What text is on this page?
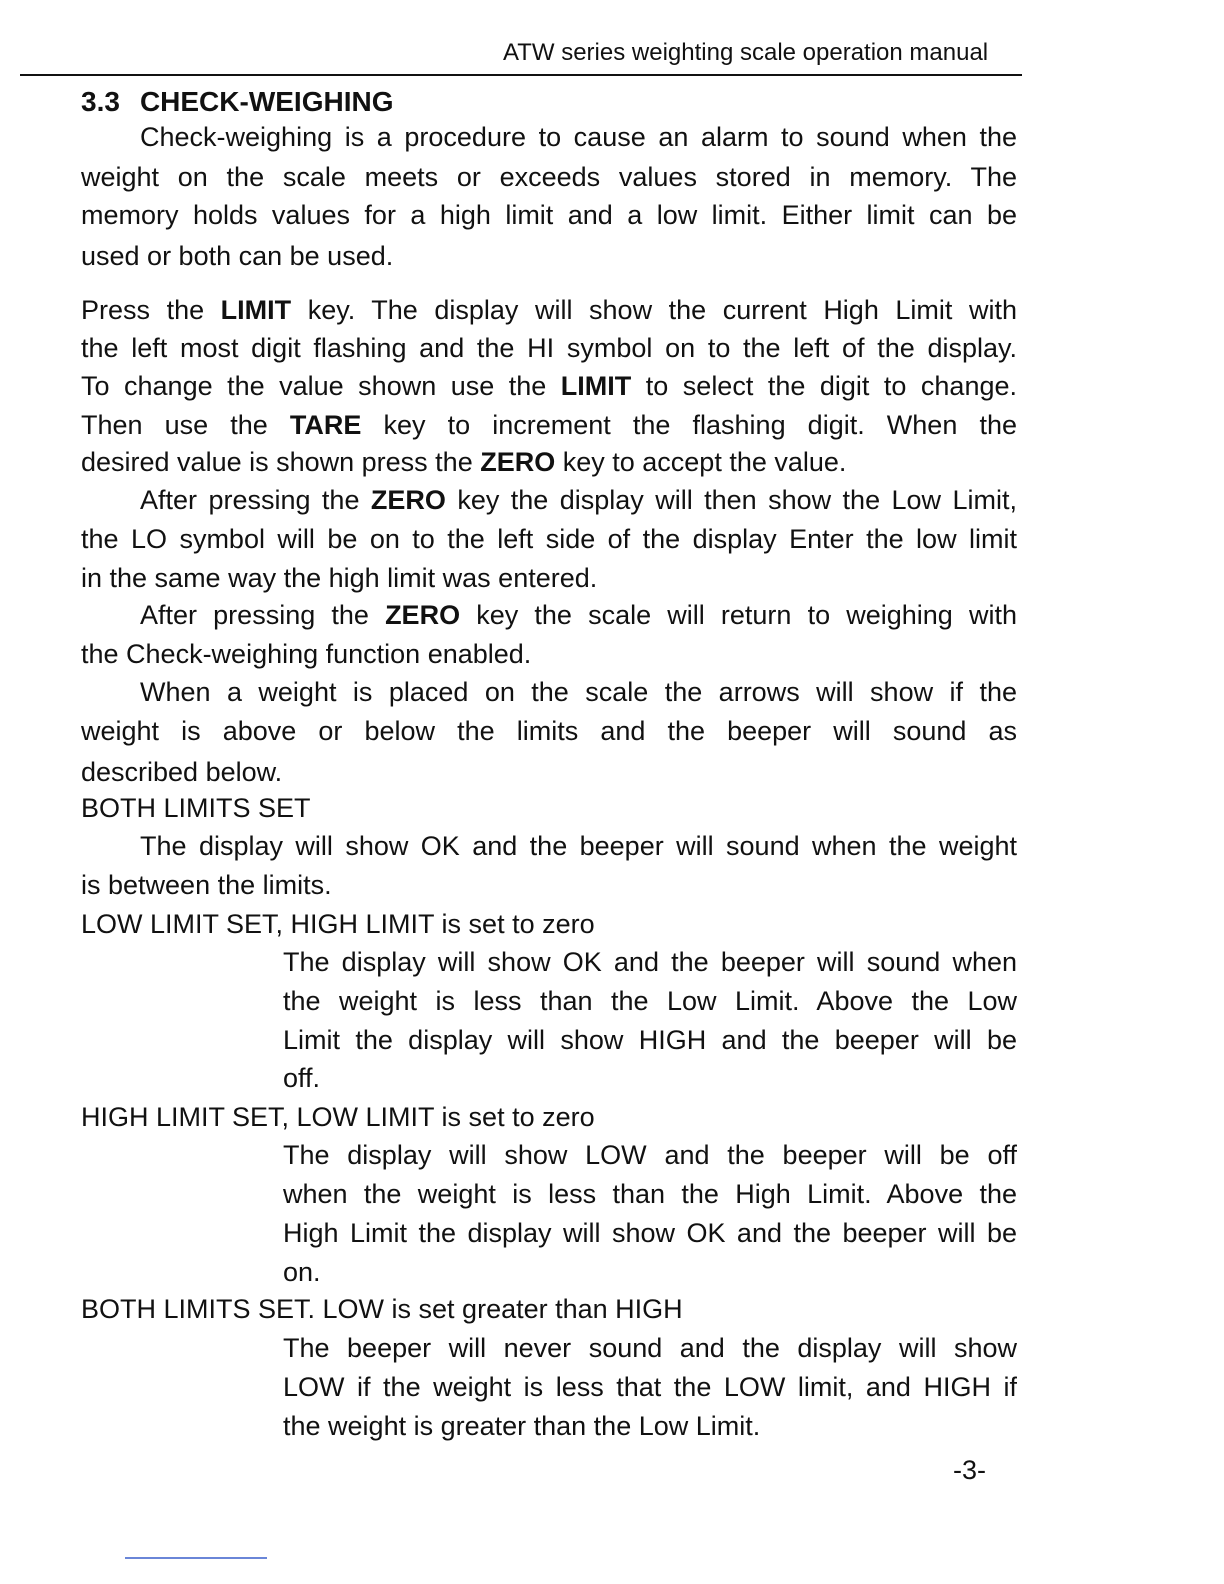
ATW series weighting scale operation manual
3.3 CHECK-WEIGHING
Check-weighing is a procedure to cause an alarm to sound when the
weight on the scale meets or exceeds values stored in memory. The
memory holds values for a high limit and a low limit. Either limit can be
used or both can be used.
Press the LIMIT key. The display will show the current High Limit with
the left most digit flashing and the HI symbol on to the left of the display.
To change the value shown use the LIMIT to select the digit to change.
Then use the TARE key to increment the flashing digit. When the
desired value is shown press the ZERO key to accept the value.
After pressing the ZERO key the display will then show the Low Limit,
the LO symbol will be on to the left side of the display Enter the low limit
in the same way the high limit was entered.
After pressing the ZERO key the scale will return to weighing with
the Check-weighing function enabled.
When a weight is placed on the scale the arrows will show if the
weight is above or below the limits and the beeper will sound as
described below.
BOTH LIMITS SET
The display will show OK and the beeper will sound when the weight
is between the limits.
LOW LIMIT SET, HIGH LIMIT is set to zero
The display will show OK and the beeper will sound when
the weight is less than the Low Limit. Above the Low
Limit the display will show HIGH and the beeper will be
off.
HIGH LIMIT SET, LOW LIMIT is set to zero
The display will show LOW and the beeper will be off
when the weight is less than the High Limit. Above the
High Limit the display will show OK and the beeper will be
on.
BOTH LIMITS SET. LOW is set greater than HIGH
The beeper will never sound and the display will show
LOW if the weight is less that the LOW limit, and HIGH if
the weight is greater than the Low Limit.
-3-
